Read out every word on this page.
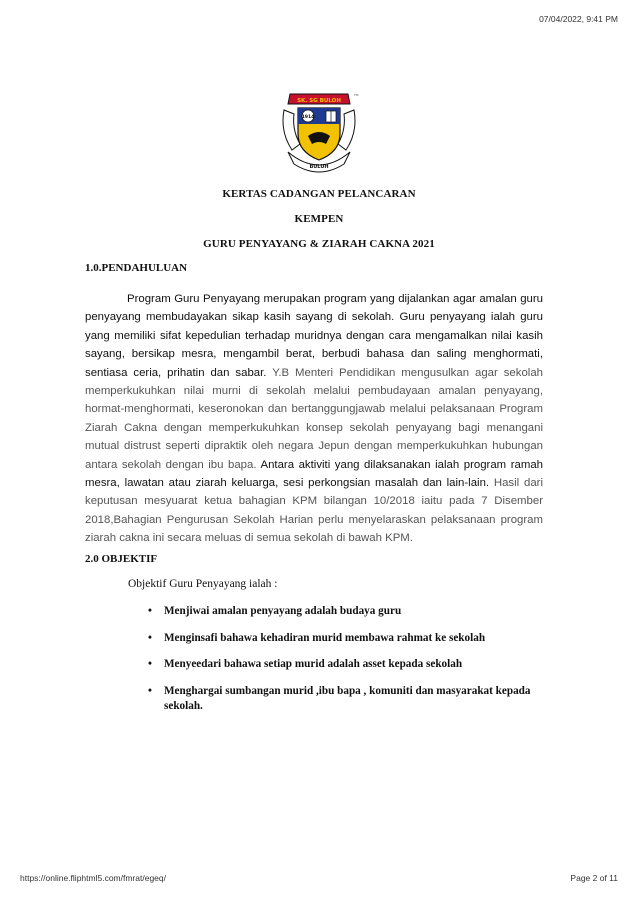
07/04/2022, 9:41 PM
SK. SG BULOH
TM
1914
BULUH
KERTAS CADANGAN PELANCARAN
KEMPEN
GURU PENYAYANG & ZIARAH CAKNA 2021
1.0.PENDAHULUAN
Program Guru Penyayang merupakan program yang dijalankan agar amalan guru penyayang membudayakan sikap kasih sayang di sekolah. Guru penyayang ialah guru yang memiliki sifat kepedulian terhadap muridnya dengan cara mengamalkan nilai kasih sayang, bersikap mesra, mengambil berat, berbudi bahasa dan saling menghormati, sentiasa ceria, prihatin dan sabar. Y.B Menteri Pendidikan mengusulkan agar sekolah memperkukuhkan nilai murni di sekolah melalui pembudayaan amalan penyayang, hormat-menghormati, keseronokan dan bertanggungjawab melalui pelaksanaan Program Ziarah Cakna dengan memperkukuhkan konsep sekolah penyayang bagi menangani mutual distrust seperti dipraktik oleh negara Jepun dengan memperkukuhkan hubungan antara sekolah dengan ibu bapa. Antara aktiviti yang dilaksanakan ialah program ramah mesra, lawatan atau ziarah keluarga, sesi perkongsian masalah dan lain-lain. Hasil dari keputusan mesyuarat ketua bahagian KPM bilangan 10/2018 iaitu pada 7 Disember 2018,Bahagian Pengurusan Sekolah Harian perlu menyelaraskan pelaksanaan program ziarah cakna ini secara meluas di semua sekolah di bawah KPM.
2.0 OBJEKTIF
Objektif Guru Penyayang ialah :
• Menjiwai amalan penyayang adalah budaya guru
• Menginsafi bahawa kehadiran murid membawa rahmat ke sekolah
• Menyeedari bahawa setiap murid adalah asset kepada sekolah
• Menghargai sumbangan murid ,ibu bapa , komuniti dan masyarakat kepada sekolah.
https://online.fliphtml5.com/fmrat/egeq/	Page 2 of 11
